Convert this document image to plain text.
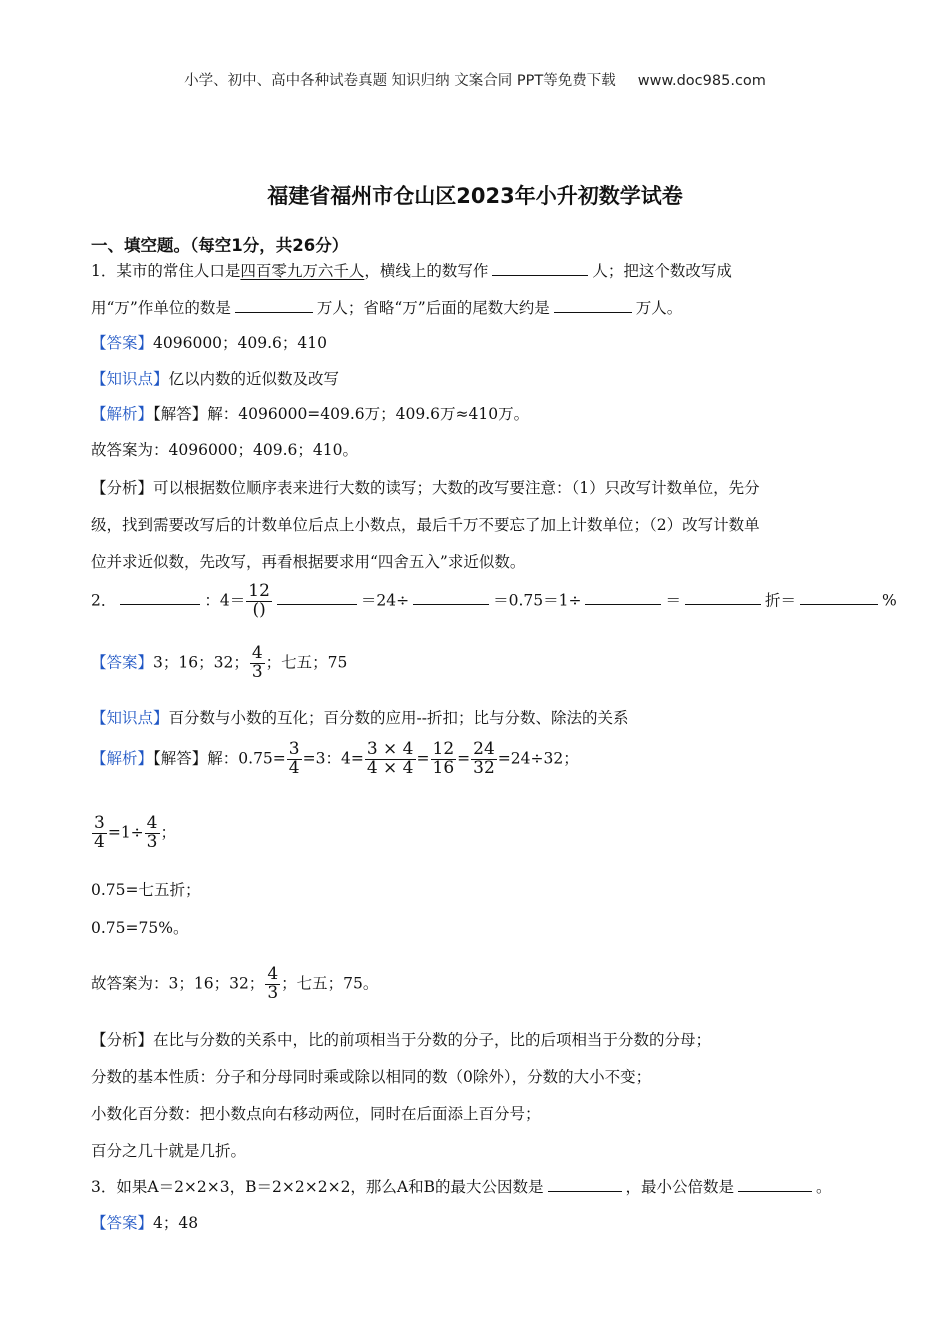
小学、初中、高中各种试卷真题 知识归纳 文案合同 PPT等免费下载 www.doc985.com
福建省福州市仓山区2023年小升初数学试卷
一、填空题。（每空1分，共26分）
1．某市的常住人口是四百零九万六千人，横线上的数写作	人；把这个数改写成
用“万”作单位的数是	万人；省略“万”后面的尾数大约是	万人。
【答案】4096000；409.6；410
【知识点】亿以内数的近似数及改写
【解析】【解答】解：4096000=409.6万；409.6万≈410万。
故答案为：4096000；409.6；410。
【分析】可以根据数位顺序表来进行大数的读写；大数的改写要注意：（1）只改写计数单位，先分
级，找到需要改写后的计数单位后点上小数点，最后千万不要忘了加上计数单位；（2）改写计数单
位并求近似数，先改写，再看根据要求用“四舍五入”求近似数。
2．	：$4= \frac{12}{()}$	＝24÷	＝0.75＝1÷	＝	折＝	%
【答案】3；16；32； $\frac{4}{3}$ ；七五；75
【知识点】百分数与小数的互化；百分数的应用--折扣；比与分数、除法的关系
【解析】【解答】解：$0.75= \frac{3}{4} =3$：$4= \frac{3 \times 4}{4 \times 4} = \frac{12}{16} = \frac{24}{32} =24\div 32$；
$\frac{3}{4} =1\div \frac{4}{3}$ ；
0.75=七五折；
0.75=75%。
故答案为：3；16；32； $\frac{4}{3}$ ；七五；75。
【分析】在比与分数的关系中，比的前项相当于分数的分子，比的后项相当于分数的分母；
分数的基本性质：分子和分母同时乘或除以相同的数（0除外），分数的大小不变；
小数化百分数：把小数点向右移动两位，同时在后面添上百分号；
百分之几十就是几折。
3．如果A＝2×2×3，B＝2×2×2×2，那么A和B的最大公因数是	，最小公倍数是	。
【答案】4；48
